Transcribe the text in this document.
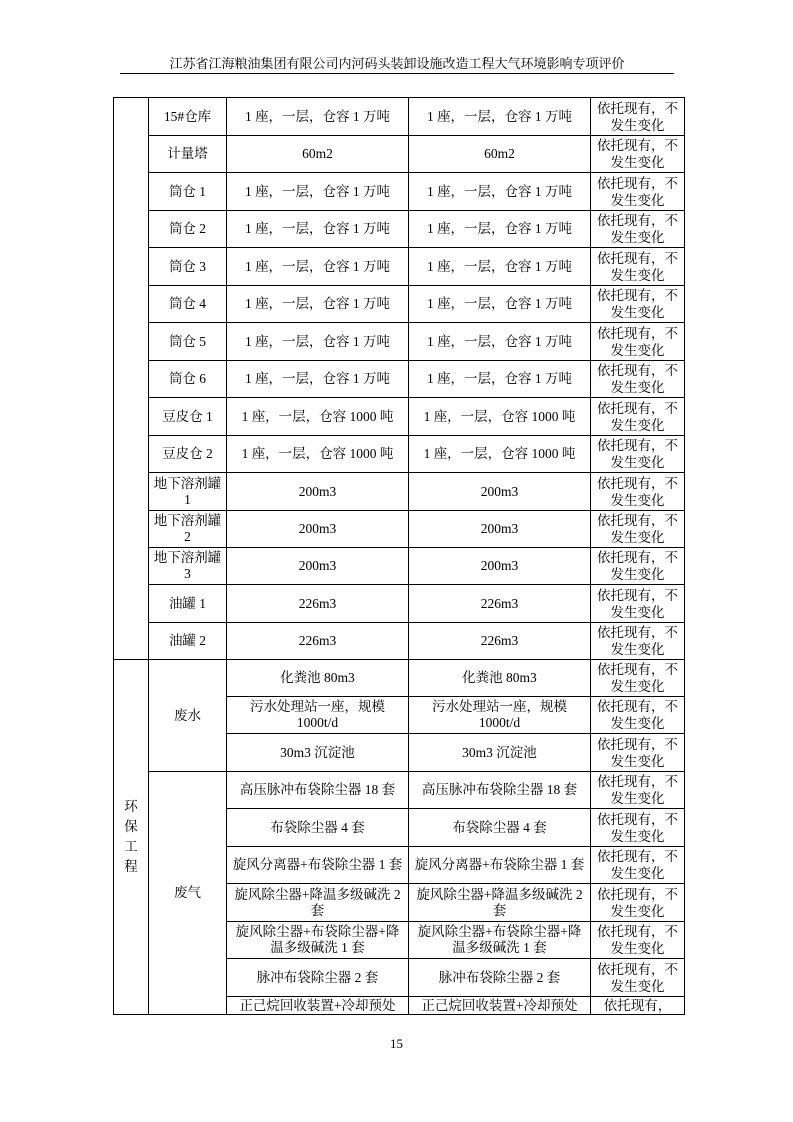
江苏省江海粮油集团有限公司内河码头装卸设施改造工程大气环境影响专项评价
	15#仓库	1 座，一层，仓容 1 万吨	1 座，一层，仓容 1 万吨	依托现有，不发生变化
	计量塔	60m2	60m2	依托现有，不发生变化
	筒仓 1	1 座，一层，仓容 1 万吨	1 座，一层，仓容 1 万吨	依托现有，不发生变化
	筒仓 2	1 座，一层，仓容 1 万吨	1 座，一层，仓容 1 万吨	依托现有，不发生变化
	筒仓 3	1 座，一层，仓容 1 万吨	1 座，一层，仓容 1 万吨	依托现有，不发生变化
	筒仓 4	1 座，一层，仓容 1 万吨	1 座，一层，仓容 1 万吨	依托现有，不发生变化
	筒仓 5	1 座，一层，仓容 1 万吨	1 座，一层，仓容 1 万吨	依托现有，不发生变化
	筒仓 6	1 座，一层，仓容 1 万吨	1 座，一层，仓容 1 万吨	依托现有，不发生变化
	豆皮仓 1	1 座，一层，仓容 1000 吨	1 座，一层，仓容 1000 吨	依托现有，不发生变化
	豆皮仓 2	1 座，一层，仓容 1000 吨	1 座，一层，仓容 1000 吨	依托现有，不发生变化
	地下溶剂罐 1	200m3	200m3	依托现有，不发生变化
	地下溶剂罐 2	200m3	200m3	依托现有，不发生变化
	地下溶剂罐 3	200m3	200m3	依托现有，不发生变化
	油罐 1	226m3	226m3	依托现有，不发生变化
	油罐 2	226m3	226m3	依托现有，不发生变化
环保工程	废水	化粪池 80m3	化粪池 80m3	依托现有，不发生变化
		污水处理站一座，规模 1000t/d	污水处理站一座，规模 1000t/d	依托现有，不发生变化
		30m3 沉淀池	30m3 沉淀池	依托现有，不发生变化
	废气	高压脉冲布袋除尘器 18 套	高压脉冲布袋除尘器 18 套	依托现有，不发生变化
		布袋除尘器 4 套	布袋除尘器 4 套	依托现有，不发生变化
		旋风分离器+布袋除尘器 1 套	旋风分离器+布袋除尘器 1 套	依托现有，不发生变化
		旋风除尘器+降温多级碱洗 2 套	旋风除尘器+降温多级碱洗 2 套	依托现有，不发生变化
		旋风除尘器+布袋除尘器+降温多级碱洗 1 套	旋风除尘器+布袋除尘器+降温多级碱洗 1 套	依托现有，不发生变化
		脉冲布袋除尘器 2 套	脉冲布袋除尘器 2 套	依托现有，不发生变化
		正己烷回收装置+冷却预处	正己烷回收装置+冷却预处	依托现有，
15
